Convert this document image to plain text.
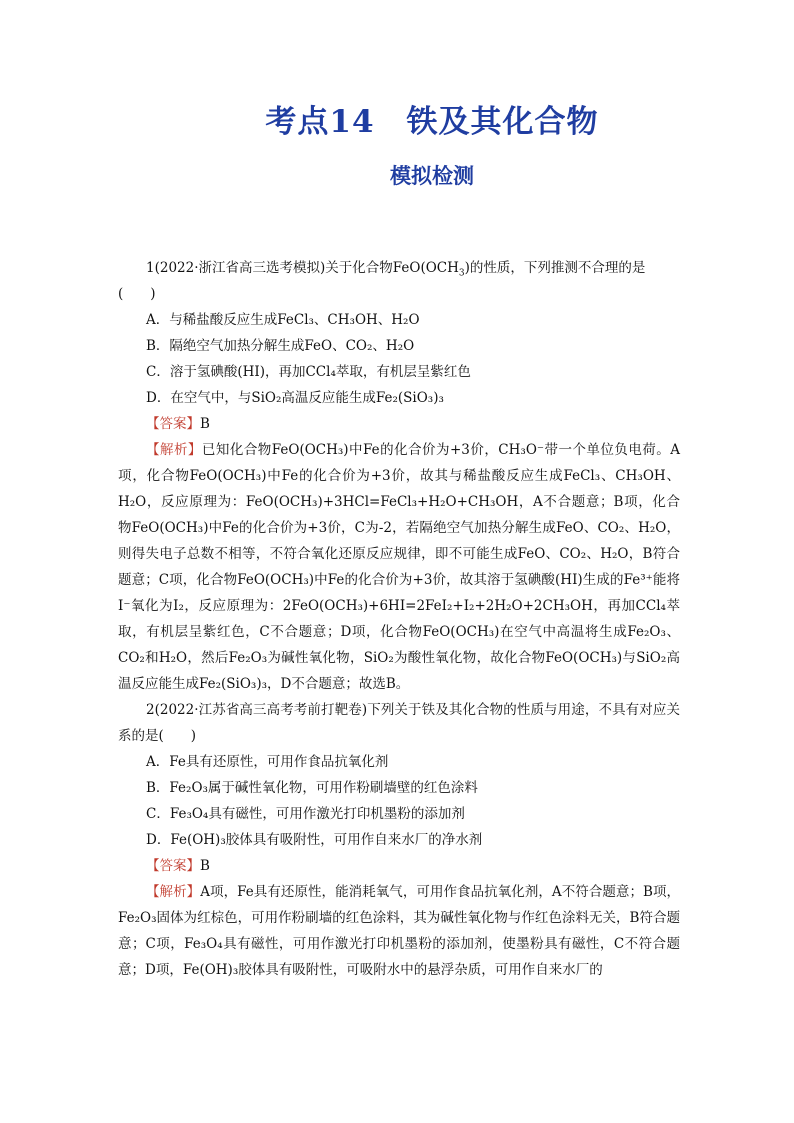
考点14　铁及其化合物
模拟检测

1(2022·浙江省高三选考模拟)关于化合物$FeO(OCH_3)$的性质，下列推测不合理的是

(　　)

A．与稀盐酸反应生成FeCl₃、CH₃OH、H₂O

B．隔绝空气加热分解生成FeO、CO₂、H₂O

C．溶于氢碘酸(HI)，再加CCl₄萃取，有机层呈紫红色

D．在空气中，与SiO₂高温反应能生成Fe₂(SiO₃)₃

【答案】B

【解析】已知化合物FeO(OCH₃)中Fe的化合价为+3价，CH₃O⁻带一个单位负电荷。A项，化合物FeO(OCH₃)中Fe的化合价为+3价，故其与稀盐酸反应生成FeCl₃、CH₃OH、H₂O，反应原理为：FeO(OCH₃)+3HCl=FeCl₃+H₂O+CH₃OH，A不合题意；B项，化合物FeO(OCH₃)中Fe的化合价为+3价，C为-2，若隔绝空气加热分解生成FeO、CO₂、H₂O，则得失电子总数不相等，不符合氧化还原反应规律，即不可能生成FeO、CO₂、H₂O，B符合题意；C项，化合物FeO(OCH₃)中Fe的化合价为+3价，故其溶于氢碘酸(HI)生成的Fe³⁺能将I⁻氧化为I₂，反应原理为：2FeO(OCH₃)+6HI=2FeI₂+I₂+2H₂O+2CH₃OH，再加CCl₄萃取，有机层呈紫红色，C不合题意；D项，化合物FeO(OCH₃)在空气中高温将生成Fe₂O₃、CO₂和H₂O，然后Fe₂O₃为碱性氧化物，SiO₂为酸性氧化物，故化合物FeO(OCH₃)与SiO₂高温反应能生成Fe₂(SiO₃)₃，D不合题意；故选B。

2(2022·江苏省高三高考考前打靶卷)下列关于铁及其化合物的性质与用途，不具有对应关系的是(　　)

A．Fe具有还原性，可用作食品抗氧化剂

B．Fe₂O₃属于碱性氧化物，可用作粉刷墙壁的红色涂料

C．Fe₃O₄具有磁性，可用作激光打印机墨粉的添加剂

D．Fe(OH)₃胶体具有吸附性，可用作自来水厂的净水剂

【答案】B

【解析】A项，Fe具有还原性，能消耗氧气，可用作食品抗氧化剂，A不符合题意；B项，Fe₂O₃固体为红棕色，可用作粉刷墙的红色涂料，其为碱性氧化物与作红色涂料无关，B符合题意；C项，Fe₃O₄具有磁性，可用作激光打印机墨粉的添加剂，使墨粉具有磁性，C不符合题意；D项，Fe(OH)₃胶体具有吸附性，可吸附水中的悬浮杂质，可用作自来水厂的
